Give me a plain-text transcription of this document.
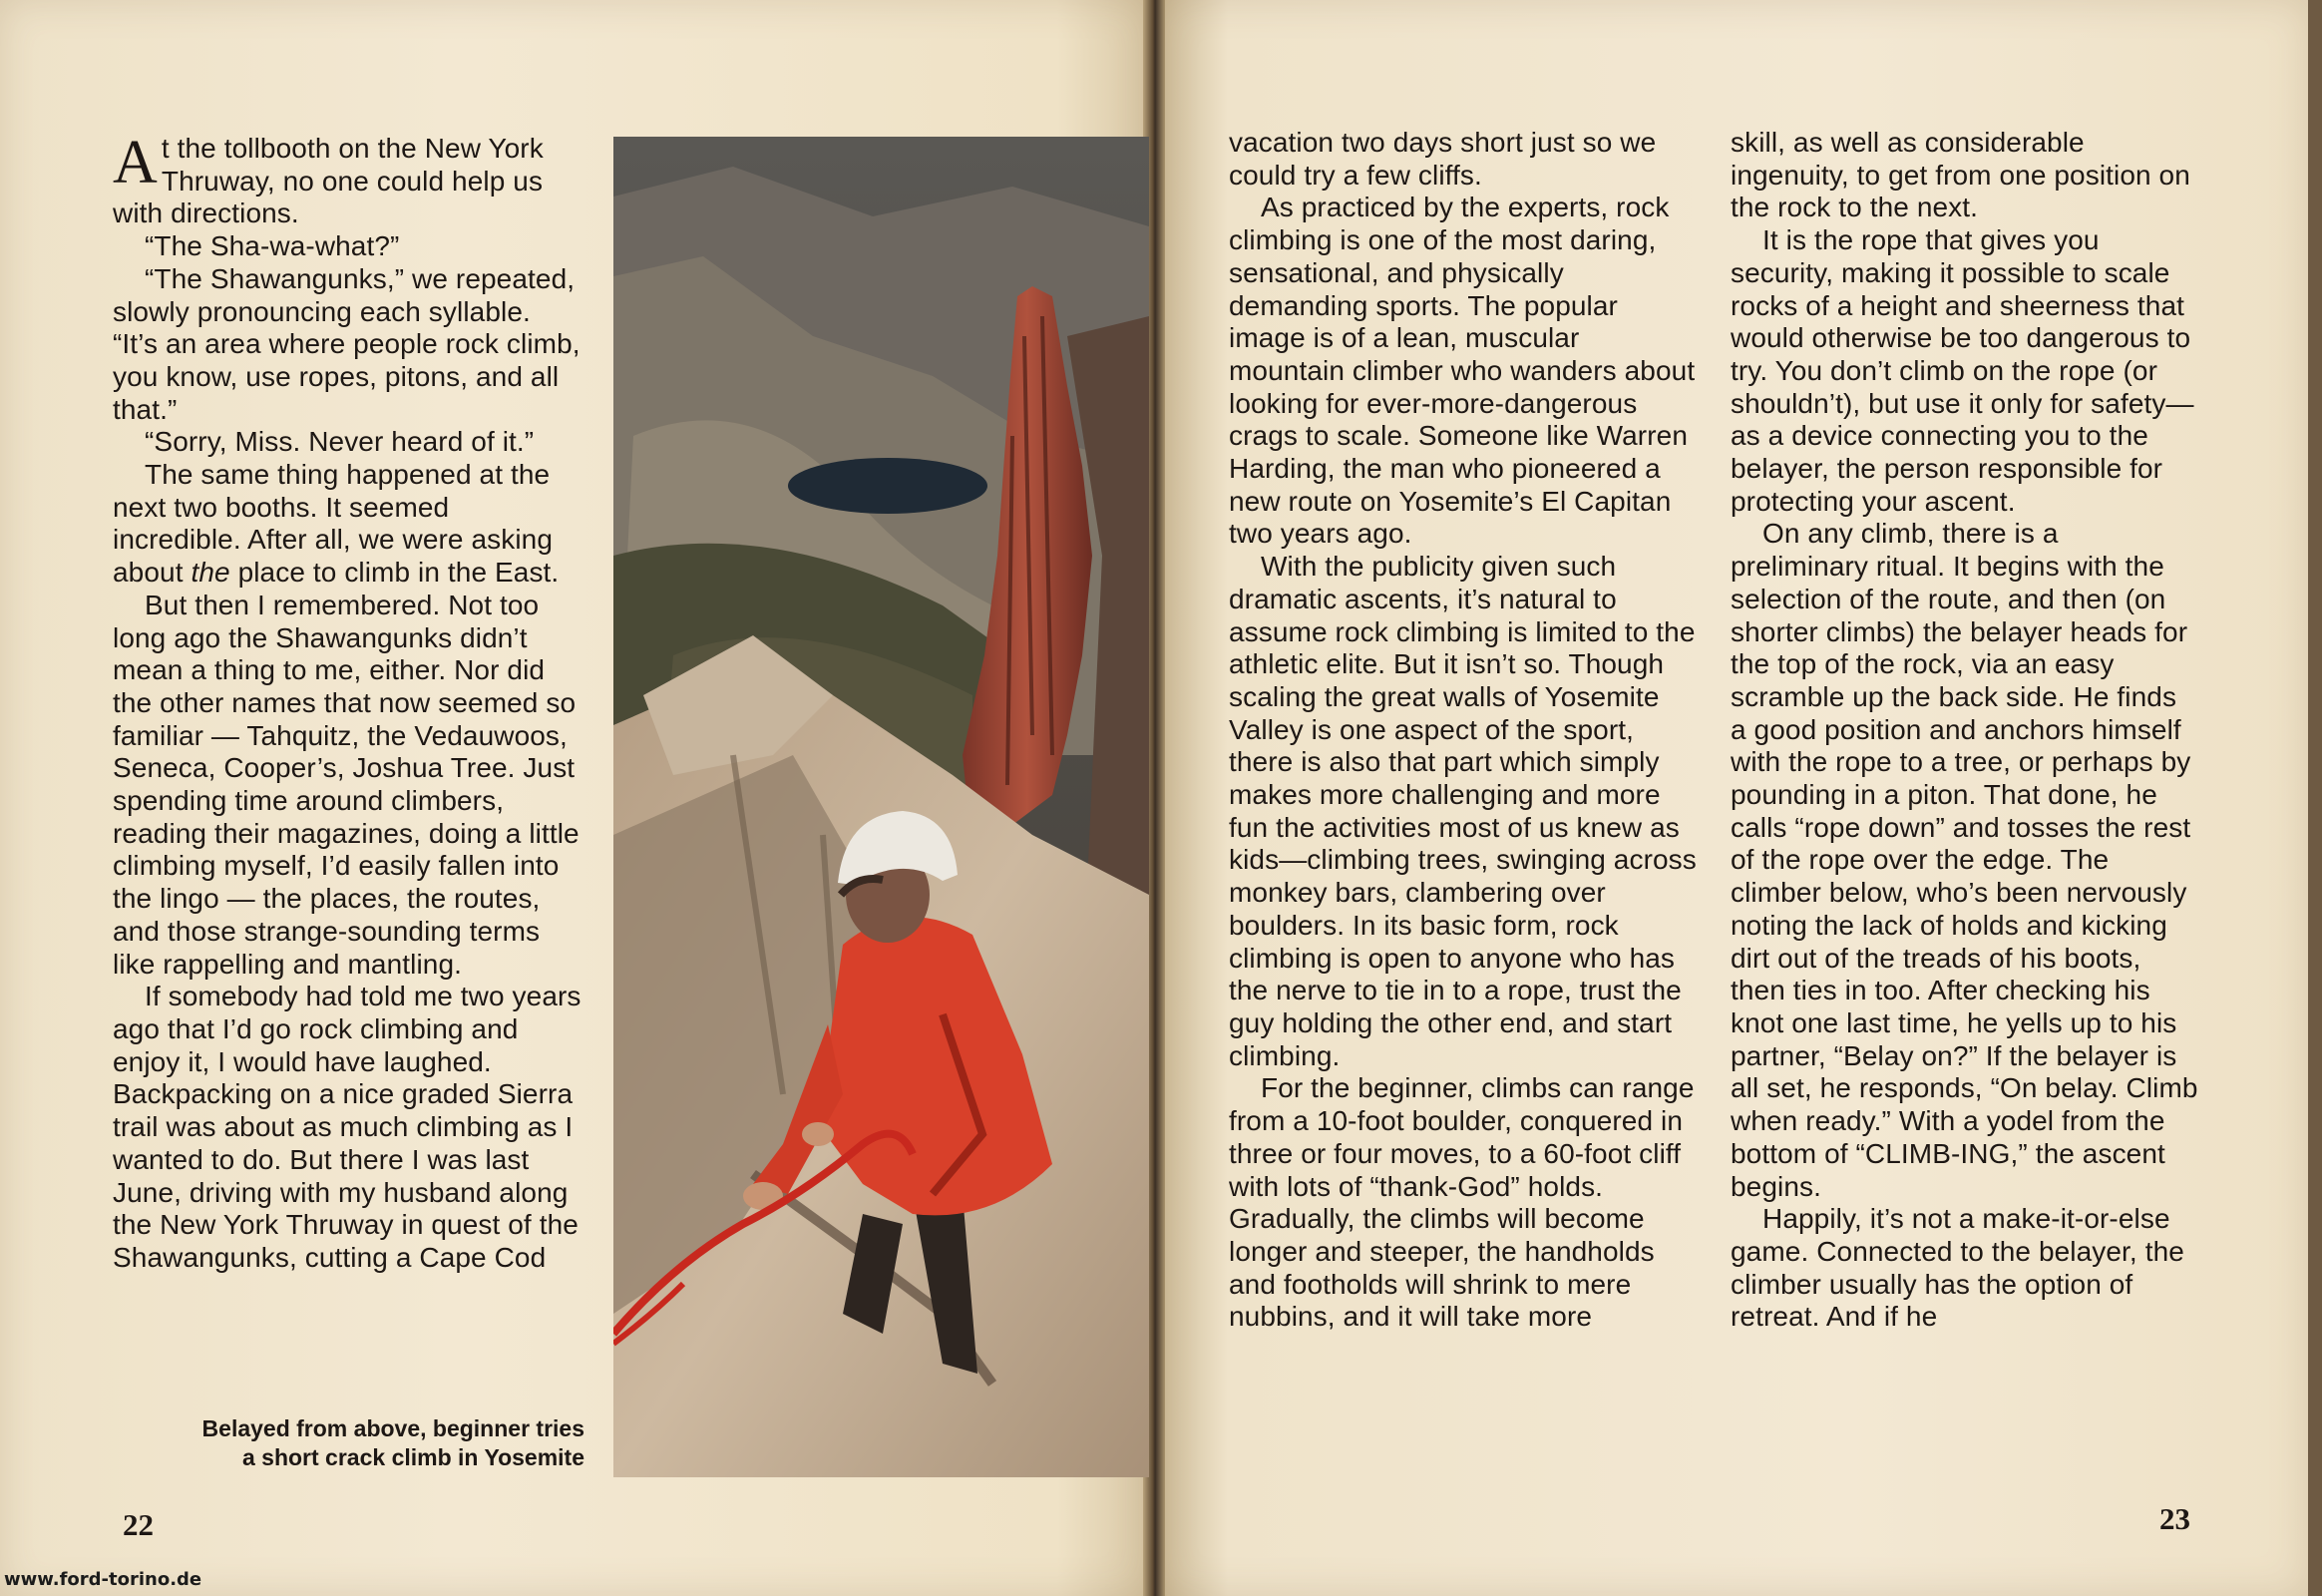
At the tollbooth on the New York Thruway, no one could help us with directions.

“The Sha-wa-what?”

“The Shawangunks,” we repeated, slowly pronouncing each syllable. “It’s an area where people rock climb, you know, use ropes, pitons, and all that.”

“Sorry, Miss. Never heard of it.”

The same thing happened at the next two booths. It seemed incredible. After all, we were asking about the place to climb in the East.

But then I remembered. Not too long ago the Shawangunks didn’t mean a thing to me, either. Nor did the other names that now seemed so familiar — Tahquitz, the Vedauwoos, Seneca, Cooper’s, Joshua Tree. Just spending time around climbers, reading their magazines, doing a little climbing myself, I’d easily fallen into the lingo — the places, the routes, and those strange-sounding terms like rappelling and mantling.

If somebody had told me two years ago that I’d go rock climbing and enjoy it, I would have laughed. Backpacking on a nice graded Sierra trail was about as much climbing as I wanted to do. But there I was last June, driving with my husband along the New York Thruway in quest of the Shawangunks, cutting a Cape Cod

Belayed from above, beginner tries
a short crack climb in Yosemite

vacation two days short just so we could try a few cliffs.

As practiced by the experts, rock climbing is one of the most daring, sensational, and physically demanding sports. The popular image is of a lean, muscular mountain climber who wanders about looking for ever-more-dangerous crags to scale. Someone like Warren Harding, the man who pioneered a new route on Yosemite’s El Capitan two years ago.

With the publicity given such dramatic ascents, it’s natural to assume rock climbing is limited to the athletic elite. But it isn’t so. Though scaling the great walls of Yosemite Valley is one aspect of the sport, there is also that part which simply makes more challenging and more fun the activities most of us knew as kids—climbing trees, swinging across monkey bars, clambering over boulders. In its basic form, rock climbing is open to anyone who has the nerve to tie in to a rope, trust the guy holding the other end, and start climbing.

For the beginner, climbs can range from a 10-foot boulder, conquered in three or four moves, to a 60-foot cliff with lots of “thank-God” holds. Gradually, the climbs will become longer and steeper, the handholds and footholds will shrink to mere nubbins, and it will take more

skill, as well as considerable ingenuity, to get from one position on the rock to the next.

It is the rope that gives you security, making it possible to scale rocks of a height and sheerness that would otherwise be too dangerous to try. You don’t climb on the rope (or shouldn’t), but use it only for safety—as a device connecting you to the belayer, the person responsible for protecting your ascent.

On any climb, there is a preliminary ritual. It begins with the selection of the route, and then (on shorter climbs) the belayer heads for the top of the rock, via an easy scramble up the back side. He finds a good position and anchors himself with the rope to a tree, or perhaps by pounding in a piton. That done, he calls “rope down” and tosses the rest of the rope over the edge. The climber below, who’s been nervously noting the lack of holds and kicking dirt out of the treads of his boots, then ties in too. After checking his knot one last time, he yells up to his partner, “Belay on?” If the belayer is all set, he responds, “On belay. Climb when ready.” With a yodel from the bottom of “CLIMB-ING,” the ascent begins.

Happily, it’s not a make-it-or-else game. Connected to the belayer, the climber usually has the option of retreat. And if he

22	23
www.ford-torino.de
